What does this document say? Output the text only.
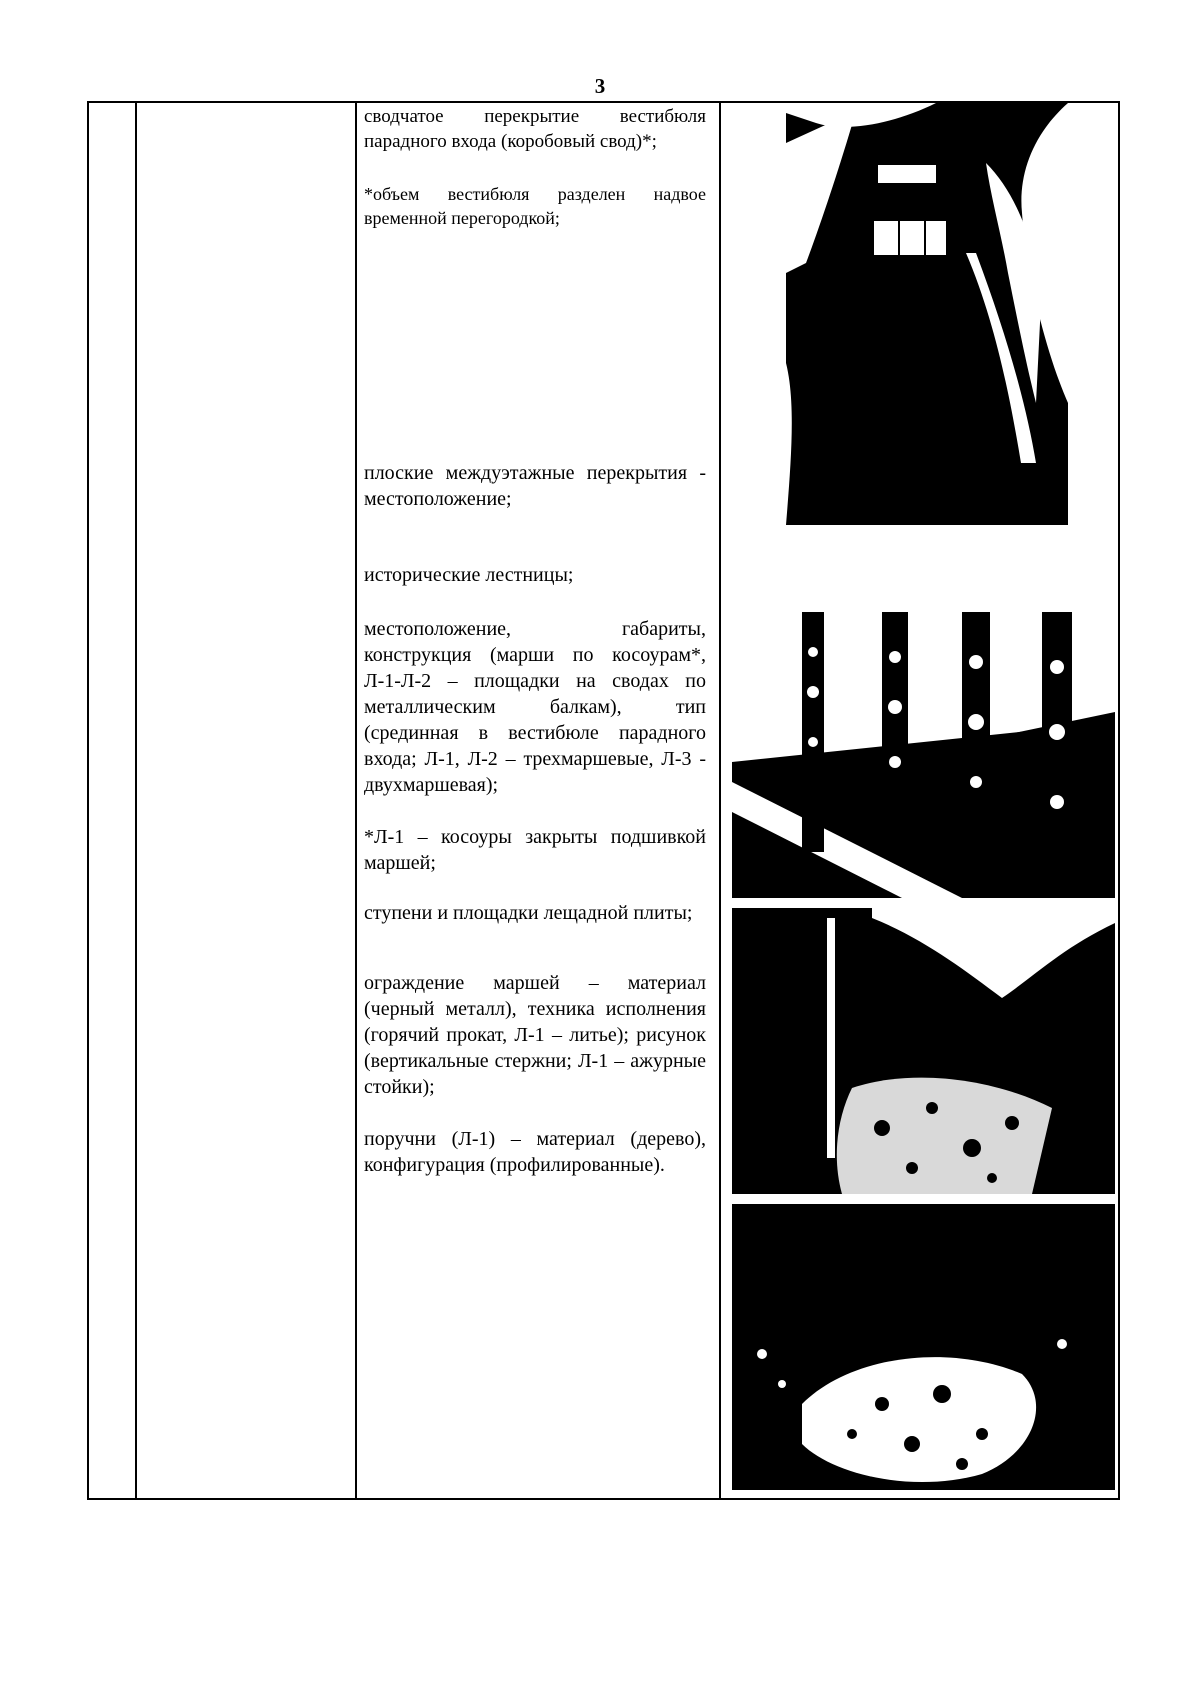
3

сводчатое перекрытие вестибюля парадного входа (коробовый свод)*;

*объем вестибюля разделен надвое временной перегородкой;

плоские междуэтажные перекрытия - местоположение;

исторические лестницы;

местоположение, габариты, конструкция (марши по косоурам*, Л-1-Л-2 – площадки на сводах по металлическим балкам), тип (срединная в вестибюле парадного входа; Л-1, Л-2 – трехмаршевые, Л-3 - двухмаршевая);

*Л-1 – косоуры закрыты подшивкой маршей;

ступени и площадки лещадной плиты;

ограждение маршей – материал (черный металл), техника исполнения (горячий прокат, Л-1 – литье); рисунок (вертикальные стержни; Л-1 – ажурные стойки);

поручни (Л-1) – материал (дерево), конфигурация (профилированные).
